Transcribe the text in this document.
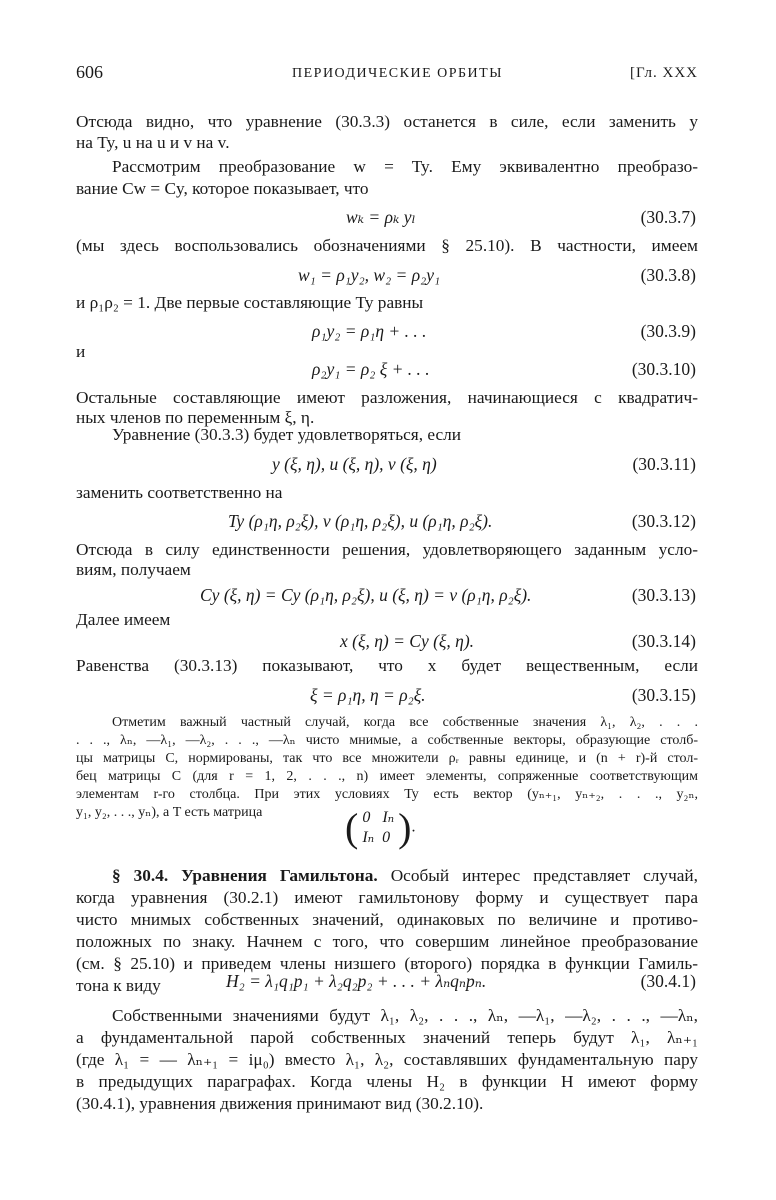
606	ПЕРИОДИЧЕСКИЕ ОРБИТЫ	[Гл. XXX
Отсюда видно, что уравнение (30.3.3) останется в силе, если заменить y
на Ty, u на u и v на v.
Рассмотрим преобразование w = Ty. Ему эквивалентно преобразо-
вание Cw = Cy, которое показывает, что
wₖ = ρₖ yₗ	(30.3.7)
(мы здесь воспользовались обозначениями § 25.10). В частности, имеем
w₁ = ρ₁y₂, w₂ = ρ₂y₁	(30.3.8)
и ρ₁ρ₂ = 1. Две первые составляющие Ty равны
ρ₁y₂ = ρ₁η + . . .	(30.3.9)
и
ρ₂y₁ = ρ₂ ξ + . . .	(30.3.10)
Остальные составляющие имеют разложения, начинающиеся с квадратич-
ных членов по переменным ξ, η.
Уравнение (30.3.3) будет удовлетворяться, если
y (ξ, η), u (ξ, η), v (ξ, η)	(30.3.11)
заменить соответственно на
Ty (ρ₁η, ρ₂ξ), v (ρ₁η, ρ₂ξ), u (ρ₁η, ρ₂ξ).	(30.3.12)
Отсюда в силу единственности решения, удовлетворяющего заданным усло-
виям, получаем
Cy (ξ, η) = Cy (ρ₁η, ρ₂ξ), u (ξ, η) = v (ρ₁η, ρ₂ξ).	(30.3.13)
Далее имеем
x (ξ, η) = Cy (ξ, η).	(30.3.14)
Равенства (30.3.13) показывают, что x будет вещественным, если
ξ = ρ₁η, η = ρ₂ξ.	(30.3.15)
Отметим важный частный случай, когда все собственные значения λ₁, λ₂, . . .
. . ., λₙ, —λ₁, —λ₂, . . ., —λₙ чисто мнимые, а собственные векторы, образующие столб-
цы матрицы C, нормированы, так что все множители ρᵣ равны единице, и (n + r)-й стол-
бец матрицы C (для r = 1, 2, . . ., n) имеет элементы, сопряженные соответствующим
элементам r-го столбца. При этих условиях Ty есть вектор (yₙ₊₁, yₙ₊₂, . . ., y₂ₙ,
y₁, y₂, . . ., yₙ), а T есть матрица	( 0 Iₙ
Iₙ 0 ).
§ 30.4. Уравнения Гамильтона. Особый интерес представляет случай,
когда уравнения (30.2.1) имеют гамильтонову форму и существует пара
чисто мнимых собственных значений, одинаковых по величине и противо-
положных по знаку. Начнем с того, что совершим линейное преобразование
(см. § 25.10) и приведем члены низшего (второго) порядка в функции Гамиль-
тона к виду	H₂ = λ₁q₁p₁ + λ₂q₂p₂ + . . . + λₙqₙpₙ.	(30.4.1)
Собственными значениями будут λ₁, λ₂, . . ., λₙ, —λ₁, —λ₂, . . ., —λₙ,
а фундаментальной парой собственных значений теперь будут λ₁, λₙ₊₁
(где λ₁ = — λₙ₊₁ = iμ₀) вместо λ₁, λ₂, составлявших фундаментальную пару
в предыдущих параграфах. Когда члены H₂ в функции H имеют форму
(30.4.1), уравнения движения принимают вид (30.2.10).
